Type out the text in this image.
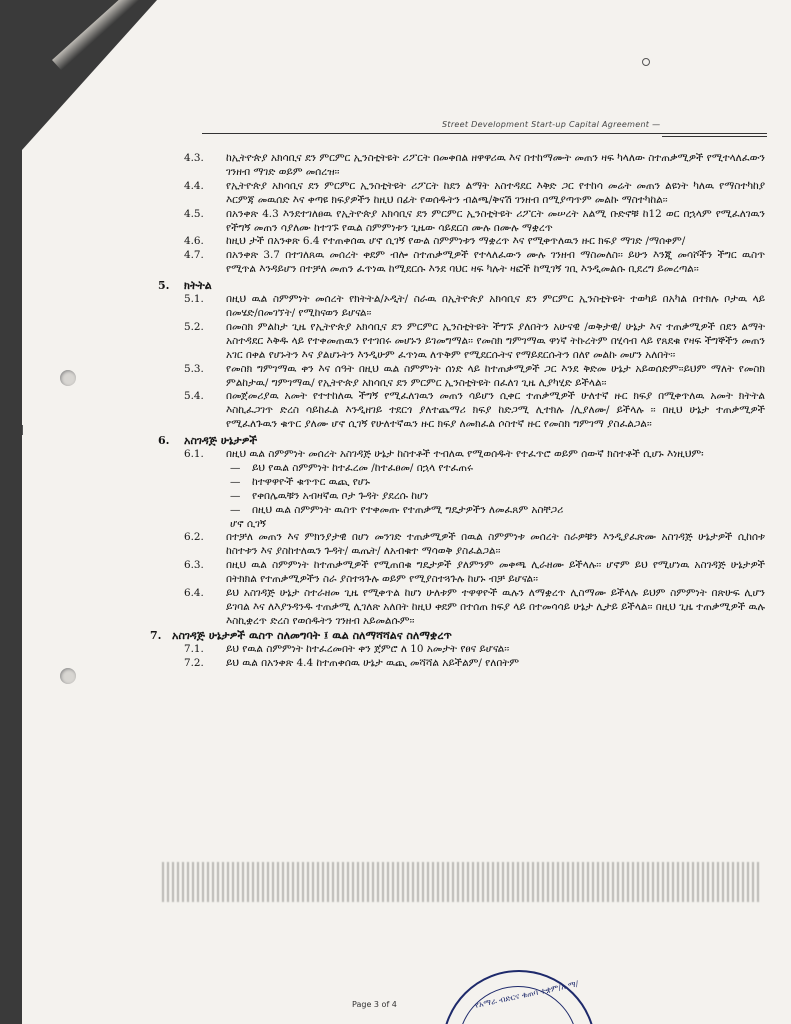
Street Development Start-up Capital Agreement —
4.3.	ከኢትዮጵያ አክሳቢና ደን ምርምር ኢንስቲትዩት ሪፖርት በመቀበል ዘዋዋሪዉ እና በተከማሙት መጠን ዛፍ ካላለው ስተጠቃሚዎች የሚተላለፈውን ገንዘብ ማገድ ወይም መሰረዝ፡፡
4.4.	የኢትዮጵያ አክሳቢና ደን ምርምር ኢንስቲትዩት ሪፖርት ከደን ልማት አስተዳደር እቅድ ጋር የተከሳ መሬት መጠን ልዩነት ካለዉ የማስተካከያ እርምጃ መዉሰድ እና ቀጣዩ ክፍያዎችን ከዚህ በፊት የወሰዱትን ብልጫ/ቅናሽ ገንዘብ በሚያጣጥም መልኩ ማስተካከል፡፡
4.5.	በአንቀጽ 4.3 እንደተገለፀዉ የኢትዮጵያ አክሳቢና ደን ምርምር ኢንስቲትዩት ሪፖርት መሠረት አልሚ ቡድኖቹ ከ12 ወር በኋላም የሚፈለገዉን የችግኝ መጠን ሳያለሙ ከተገኙ የዉል ስምምነቱን ጊዜው ሳይደርስ ሙሉ በሙሉ ማቋረጥ
4.6.	ከዚህ ታች በአንቀጽ 6.4 የተጠቀሰዉ ሆኖ ሲገኝ የውል ስምምነቱን ማቋረጥ እና የሚቀጥለዉን ዙር ክፍያ ማገድ /ማሰቀም/
4.7.	በአንቀጽ 3.7 በተገለጸዉ መሰረት ቀደም ብሎ ስተጠቃሚዎች የተላለፈውን ሙሉ ገንዘብ ማስመለስ፡፡ ይሁን እንጂ መሳሾችን ችግር ዉስጥ የሚጥል እንዳይሆን በተቻለ መጠን ፈጥነዉ ከሚደርሱ እንደ ባህር ዛፍ ካሉት ዛፎች ከሚገኝ ገቢ እንዲመልሱ ቢደረግ ይመረጣል፡፡
5.	ክትትል
5.1.	በዚህ ዉል ስምምነት መሰረት የክትትል/ኦዲት/ ስራዉ በኢትዮጵያ አክሳቢና ደን ምርምር ኢንስቲትዩት ተወካይ በአካል በተክሉ ቦታዉ ላይ በመሄድ/በመገኘት/ የሚከናወን ይሆናል፡፡
5.2.	በመስክ ምልከታ ጊዜ የኢትዮጵያ አክሳቢና ደን ምርምር ኢንስቲትዩት ችግኙ ያለበትን አሁናዊ /ወቅታዊ/ ሁኔታ እና ተጠቃሚዎች በደን ልማት አስተዳደር እቅዱ ላይ የተቀመጠዉን የተገበሩ መሆኑን ይገመግማል፡፡ የመስክ ግምገማዉ ዋነኛ ትኩረትም በሂሳብ ላይ የጸደቁ የዛፍ ችግኞችን መጠን አገር በቀል የሆኑትን እና ያልሆኑትን እንዲሁም ፈጥነዉ ለጥቅም የሚደርሱትና የማይደርሱትን በለየ መልኩ መሆን አለበት፡፡
5.3.	የመስክ ግምገማዉ ቀን እና ሰዓት በዚህ ዉል ስምምነት ሰነድ ላይ ከተጠቃሚዎች ጋር እንደ ቅድመ ሁኔታ አይወሰድም፡፡ይህም ማለት የመስክ ምልከታዉ/ ግምገማዉ/ የኢትዮጵያ አክሳቢና ደን ምርምር ኢንስቲትዩት በፈለገ ጊዜ ሊያካሂድ ይችላል፡፡
5.4.	በመጀመሪያዉ አመት የተተከለዉ ችግኝ የሚፈለገዉን መጠን ሳይሆን ሲቀር ተጠቃሚዎች ሁለተኛ ዙር ክፍያ በሚቀጥለዉ አመት ክትትል እስኪፈጋገጥ ድረስ ሳይከፈል እንዲዘገይ ተደርጎ ያለተጨማሪ ክፍያ ከድጋሚ ሊተክሉ /ሊያለሙ/ ይችላሉ ፡፡ በዚህ ሁኔታ ተጠቃሚዎች የሚፈለጉዉን ቁጥር ያለሙ ሆኖ ሲገኝ የሁለተኛዉን ዙር ክፍያ ለመክፈል ሶስተኛ ዙር የመስክ ግምገማ ያስፈልጋል፡፡
6.	አስገዳጅ ሁኔታዎች
6.1.	በዚህ ዉል ስምምነት መሰረት አስገዳጅ ሁኔታ ከስተቶች ተብለዉ የሚወሰዱት የተፈጥሮ ወይም ሰውኛ ክስተቶች ሲሆኑ እነዚህም፡
—	ይህ የዉል ስምምነት ከተፈረመ /ከተፈፀመ/ በኋላ የተፈጠሩ
—	ከተዋዋዮች ቁጥጥር ዉጪ የሆኑ
—	የቀበሌዉቹን አብዛኛዉ ቦታ ጉዳት ያደረሱ ከሆነ
—	በዚህ ዉል ስምምነት ዉስጥ የተቀመጡ የተጠቃሚ ግዴታዎችን ለመፈጸም አስቸጋሪ
ሆኖ ሲገኝ
6.2.	በተቻለ መጠን እና ምክንያታዊ በሆነ መንገድ ተጠቃሚዎች በዉል ስምምነቱ መሰረት ስራዎቹን እንዲያፈጽሙ አስገዳጅ ሁኔታዎች ሲከሰቱ ከስተቱን እና ያስከተለዉን ጉዳት/ ዉጤት/ ለአብቁተ ማሳወቅ ያስፈልጋል፡፡
6.3.	በዚህ ዉል ስምምነት ከተጠቃሚዎች የሚጠበቁ ግዴታዎች ያለምንም መቀጫ ሊራዘሙ ይችላሉ፡፡ ሆኖም ይህ የሚሆነዉ አስገዳጅ ሁኔታዎች በትክክል የተጠቃሚዎችን ስራ ያስተጓጉሉ ወይም የሚያስተጓጉሉ ከሆኑ ብቻ ይሆናል፡፡
6.4.	ይህ አስገዳጅ ሁኔታ ስተራዘመ ጊዜ የሚቀጥል ከሆነ ሁለቱም ተዋዋዮች ዉሉን ለማቋረጥ ሊስማሙ ይችላሉ ይህም ስምምነት በጽሁፍ ሊሆን ይገባል እና ለእያንዳንዱ ተጠቃሚ ሊገለጽ አለበት ከዚህ ቀደም በተሰጠ ክፍያ ላይ በተመሳሳይ ሁኔታ ሊታይ ይችላል፡፡ በዚህ ጊዜ ተጠቃሚዎች ዉሉ እስኪቋረጥ ድረስ የወሰዱትን ገንዘብ አይመልሱም፡፡
7. አስገዳጅ ሁኔታዎች ዉስጥ ስለመግባት ፤ ዉል ስለማሻሻልና ስለማቋረጥ
7.1.	ይህ የዉል ስምምነት ከተፈረመበት ቀን ጀምሮ ለ 10 አመታት የፀና ይሆናል፡፡
7.2.	ይህ ዉል በአንቀጽ 4.4 ከተጠቀሰዉ ሁኔታ ዉጪ መሻሻል አይችልም/ የለበትም
የአማራ ብድርና ቁጠባ ተቋም/አ.ማ/
Page 3 of 4
